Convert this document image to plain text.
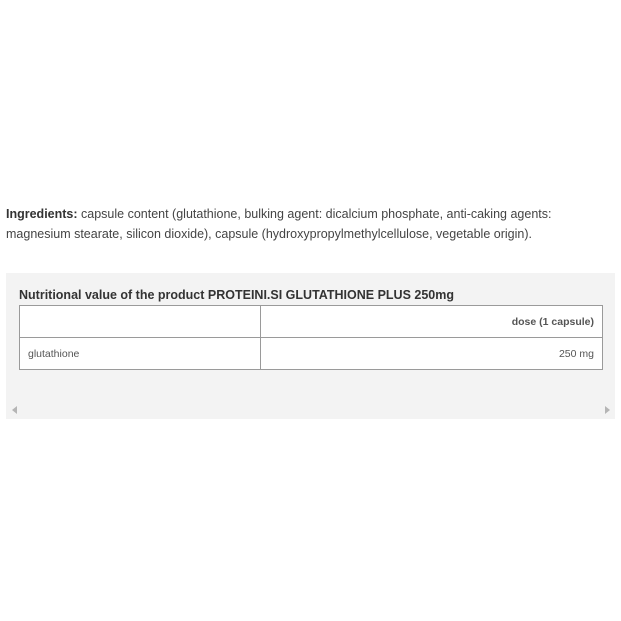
Ingredients: capsule content (glutathione, bulking agent: dicalcium phosphate, anti-caking agents: magnesium stearate, silicon dioxide), capsule (hydroxypropylmethylcellulose, vegetable origin).

Nutritional value of the product PROTEINI.SI GLUTATHIONE PLUS 250mg
	dose (1 capsule)
glutathione	250 mg
